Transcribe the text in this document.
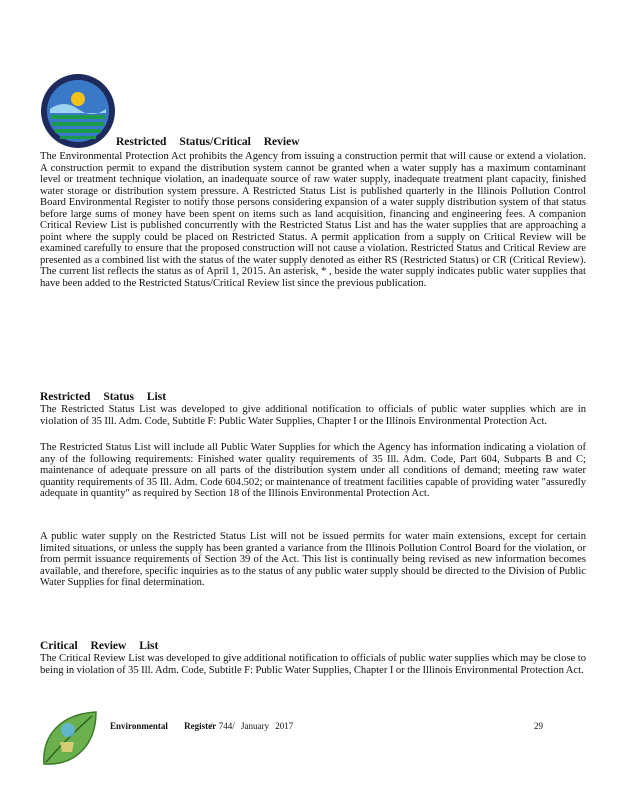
Restricted Status/Critical Review

The Environmental Protection Act prohibits the Agency from issuing a construction permit that will cause or extend a violation. A construction permit to expand the distribution system cannot be granted when a water supply has a maximum contaminant level or treatment technique violation, an inadequate source of raw water supply, inadequate treatment plant capacity, finished water storage or distribution system pressure. A Restricted Status List is published quarterly in the Illinois Pollution Control Board Environmental Register to notify those persons considering expansion of a water supply distribution system of that status before large sums of money have been spent on items such as land acquisition, financing and engineering fees. A companion Critical Review List is published concurrently with the Restricted Status List and has the water supplies that are approaching a point where the supply could be placed on Restricted Status. A permit application from a supply on Critical Review will be examined carefully to ensure that the proposed construction will not cause a violation. Restricted Status and Critical Review are presented as a combined list with the status of the water supply denoted as either RS (Restricted Status) or CR (Critical Review). The current list reflects the status as of April 1, 2015. An asterisk, * , beside the water supply indicates public water supplies that have been added to the Restricted Status/Critical Review list since the previous publication.

Restricted Status List

The Restricted Status List was developed to give additional notification to officials of public water supplies which are in violation of 35 Ill. Adm. Code, Subtitle F: Public Water Supplies, Chapter I or the Illinois Environmental Protection Act.

The Restricted Status List will include all Public Water Supplies for which the Agency has information indicating a violation of any of the following requirements: Finished water quality requirements of 35 Ill. Adm. Code, Part 604, Subparts B and C; maintenance of adequate pressure on all parts of the distribution system under all conditions of demand; meeting raw water quantity requirements of 35 Ill. Adm. Code 604.502; or maintenance of treatment facilities capable of providing water "assuredly adequate in quantity" as required by Section 18 of the Illinois Environmental Protection Act.

A public water supply on the Restricted Status List will not be issued permits for water main extensions, except for certain limited situations, or unless the supply has been granted a variance from the Illinois Pollution Control Board for the violation, or from permit issuance requirements of Section 39 of the Act. This list is continually being revised as new information becomes available, and therefore, specific inquiries as to the status of any public water supply should be directed to the Division of Public Water Supplies for final determination.

Critical Review List

The Critical Review List was developed to give additional notification to officials of public water supplies which may be close to being in violation of 35 Ill. Adm. Code, Subtitle F: Public Water Supplies, Chapter I or the Illinois Environmental Protection Act.

Environmental Register
/ 744/ January 2017	29
